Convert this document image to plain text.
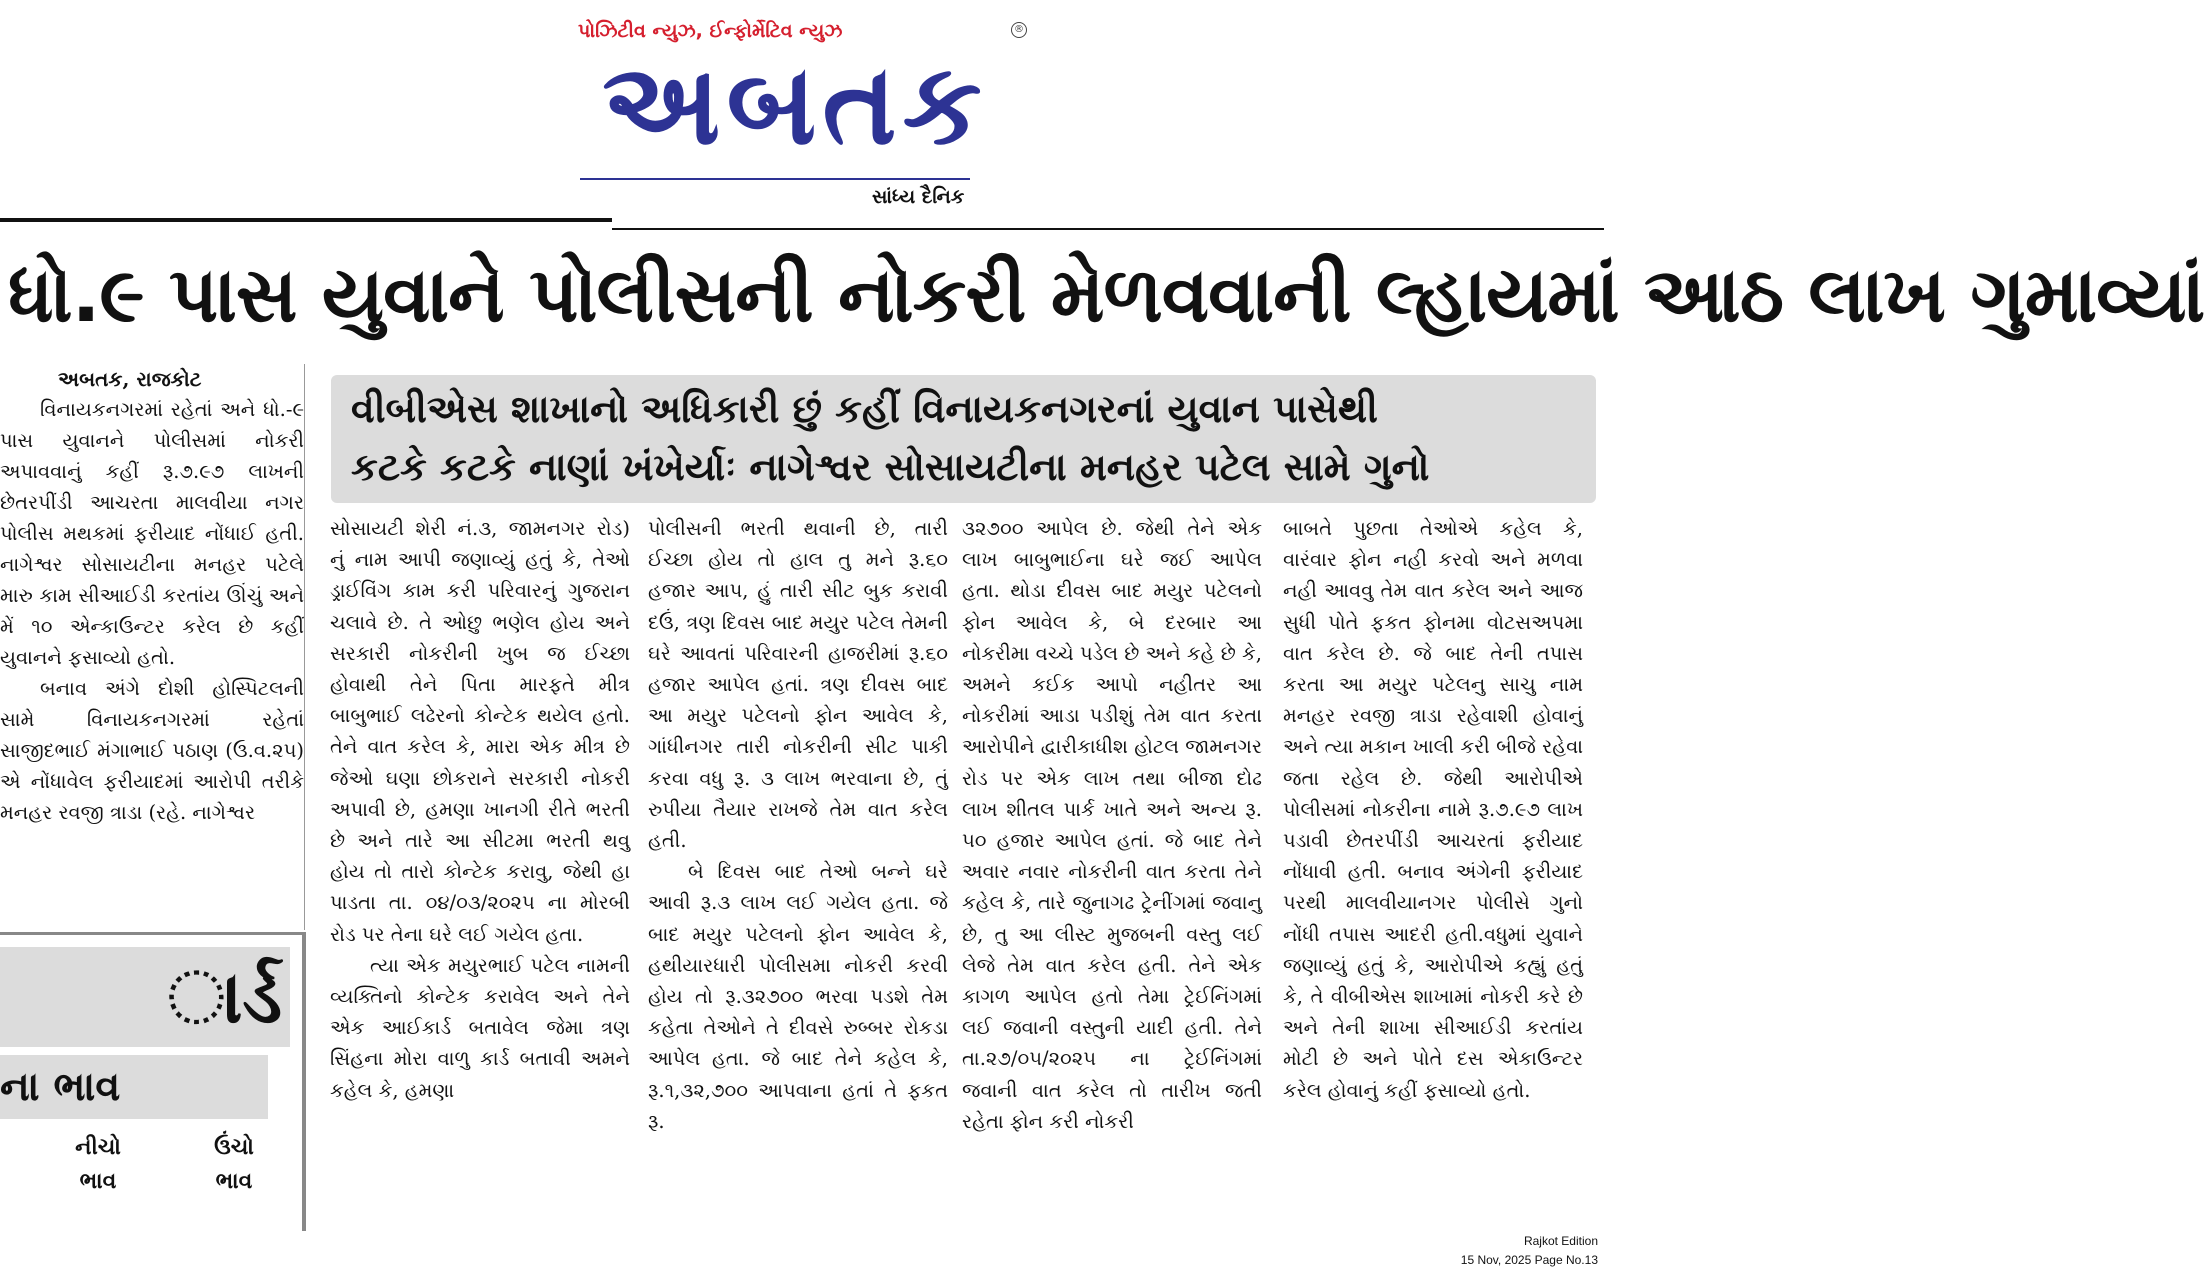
પોઝિટીવ ન્યુઝ, ઈન્ફોર્મેટિવ ન્યુઝ	®
અબતક
સાંધ્ય દૈનિક
ધો.૯ પાસ યુવાને પોલીસની નોકરી મેળવવાની લ્હાયમાં આઠ લાખ ગુમાવ્યાં

અબતક, રાજકોટ

વિનાયકનગરમાં રહેતાં અને ધો.-૯ પાસ યુવાનને પોલીસમાં નોકરી અપાવવાનું કહીં રૂ.૭.૯૭ લાખની છેતરપીંડી આચરતા માલવીયા નગર પોલીસ મથકમાં ફરીયાદ નોંધાઈ હતી. નાગેશ્વર સોસાયટીના મનહર પટેલે મારુ કામ સીઆઈડી કરતાંય ઊંચું અને મેં ૧૦ એન્કાઉન્ટર કરેલ છે કહીં યુવાનને ફસાવ્યો હતો.

બનાવ અંગે દોશી હોસ્પિટલની સામે વિનાયકનગરમાં રહેતાં સાજીદભાઈ મંગાભાઈ પઠાણ (ઉ.વ.૨૫) એ નોંધાવેલ ફરીયાદમાં આરોપી તરીકે મનહર રવજી ત્રાડા (રહે. નાગેશ્વર

વીબીએસ શાખાનો અધિકારી છું કહીં વિનાયકનગરનાં યુવાન પાસેથી
કટકે કટકે નાણાં ખંખેર્યાઃ નાગેશ્વર સોસાયટીના મનહર પટેલ સામે ગુનો

સોસાયટી શેરી નં.૩, જામનગર રોડ) નું નામ આપી જણાવ્યું હતું કે, તેઓ ડ્રાઈવિંગ કામ કરી પરિવારનું ગુજરાન ચલાવે છે. તે ઓછુ ભણેલ હોય અને સરકારી નોકરીની ખુબ જ ઈચ્છા હોવાથી તેને પિતા મારફતે મીત્ર બાબુભાઈ લઢેરનો કોન્ટેક થયેલ હતો. તેને વાત કરેલ કે, મારા એક મીત્ર છે જેઓ ઘણા છોકરાને સરકારી નોકરી અપાવી છે, હમણા ખાનગી રીતે ભરતી છે અને તારે આ સીટમા ભરતી થવુ હોય તો તારો કોન્ટેક કરાવુ, જેથી હા પાડતા તા. ૦૪/૦૩/૨૦૨૫ ના મોરબી રોડ પર તેના ઘરે લઈ ગયેલ હતા.

ત્યા એક મયુરભાઈ પટેલ નામની વ્યક્તિનો કોન્ટેક કરાવેલ અને તેને એક આઈકાર્ડ બતાવેલ જેમા ત્રણ સિંહના મોરા વાળુ કાર્ડ બતાવી અમને કહેલ કે, હમણા

પોલીસની ભરતી થવાની છે, તારી ઈચ્છા હોય તો હાલ તુ મને રૂ.૬૦ હજાર આપ, હું તારી સીટ બુક કરાવી દઉં, ત્રણ દિવસ બાદ મયુર પટેલ તેમની ઘરે આવતાં પરિવારની હાજરીમાં રૂ.૬૦ હજાર આપેલ હતાં. ત્રણ દીવસ બાદ આ મયુર પટેલનો ફોન આવેલ કે, ગાંધીનગર તારી નોકરીની સીટ પાકી કરવા વધુ રૂ. ૩ લાખ ભરવાના છે, તું રુપીયા તૈયાર રાખજે તેમ વાત કરેલ હતી.

બે દિવસ બાદ તેઓ બન્ને ઘરે આવી રૂ.૩ લાખ લઈ ગયેલ હતા. જે બાદ મયુર પટેલનો ફોન આવેલ કે, હથીયારધારી પોલીસમા નોકરી કરવી હોય તો રૂ.૩૨૭૦૦ ભરવા પડશે તેમ કહેતા તેઓને તે દીવસે રુબ્બર રોકડા આપેલ હતા. જે બાદ તેને કહેલ કે, રૂ.૧,૩૨,૭૦૦ આપવાના હતાં તે ફકત રૂ.

૩૨૭૦૦ આપેલ છે. જેથી તેને એક લાખ બાબુભાઈના ઘરે જઈ આપેલ હતા. થોડા દીવસ બાદ મયુર પટેલનો ફોન આવેલ કે, બે દરબાર આ નોકરીમા વચ્ચે પડેલ છે અને કહે છે કે, અમને કઈક આપો નહીતર આ નોકરીમાં આડા પડીશું તેમ વાત કરતા આરોપીને દ્વારીકાધીશ હોટલ જામનગર રોડ પર એક લાખ તથા બીજા દોઢ લાખ શીતલ પાર્ક ખાતે અને અન્ય રૂ. ૫૦ હજાર આપેલ હતાં. જે બાદ તેને અવાર નવાર નોકરીની વાત કરતા તેને કહેલ કે, તારે જુનાગઢ ટ્રેનીંગમાં જવાનુ છે, તુ આ લીસ્ટ મુજબની વસ્તુ લઈ લેજે તેમ વાત કરેલ હતી. તેને એક કાગળ આપેલ હતો તેમા ટ્રેઈનિંગમાં લઈ જવાની વસ્તુની યાદી હતી. તેને તા.૨૭/૦૫/૨૦૨૫ ના ટ્રેઈનિંગમાં જવાની વાત કરેલ તો તારીખ જતી રહેતા ફોન કરી નોકરી

બાબતે પુછતા તેઓએ કહેલ કે, વારંવાર ફોન નહી કરવો અને મળવા નહી આવવુ તેમ વાત કરેલ અને આજ સુધી પોતે ફકત ફોનમા વોટસઅપમા વાત કરેલ છે. જે બાદ તેની તપાસ કરતા આ મયુર પટેલનુ સાચુ નામ મનહર રવજી ત્રાડા રહેવાશી હોવાનું અને ત્યા મકાન ખાલી કરી બીજે રહેવા જતા રહેલ છે. જેથી આરોપીએ પોલીસમાં નોકરીના નામે રૂ.૭.૯૭ લાખ પડાવી છેતરપીંડી આચરતાં ફરીયાદ નોંધાવી હતી. બનાવ અંગેની ફરીયાદ પરથી માલવીયાનગર પોલીસે ગુનો નોંધી તપાસ આદરી હતી.વધુમાં યુવાને જણાવ્યું હતું કે, આરોપીએ કહ્યું હતું કે, તે વીબીએસ શાખામાં નોકરી કરે છે અને તેની શાખા સીઆઈડી કરતાંય મોટી છે અને પોતે દસ એકાઉન્ટર કરેલ હોવાનું કહીં ફસાવ્યો હતો.

ાર્ડ
ના ભાવ
નીચો
ભાવ
ઉંચો
ભાવ
Rajkot Edition
15 Nov, 2025 Page No.13
